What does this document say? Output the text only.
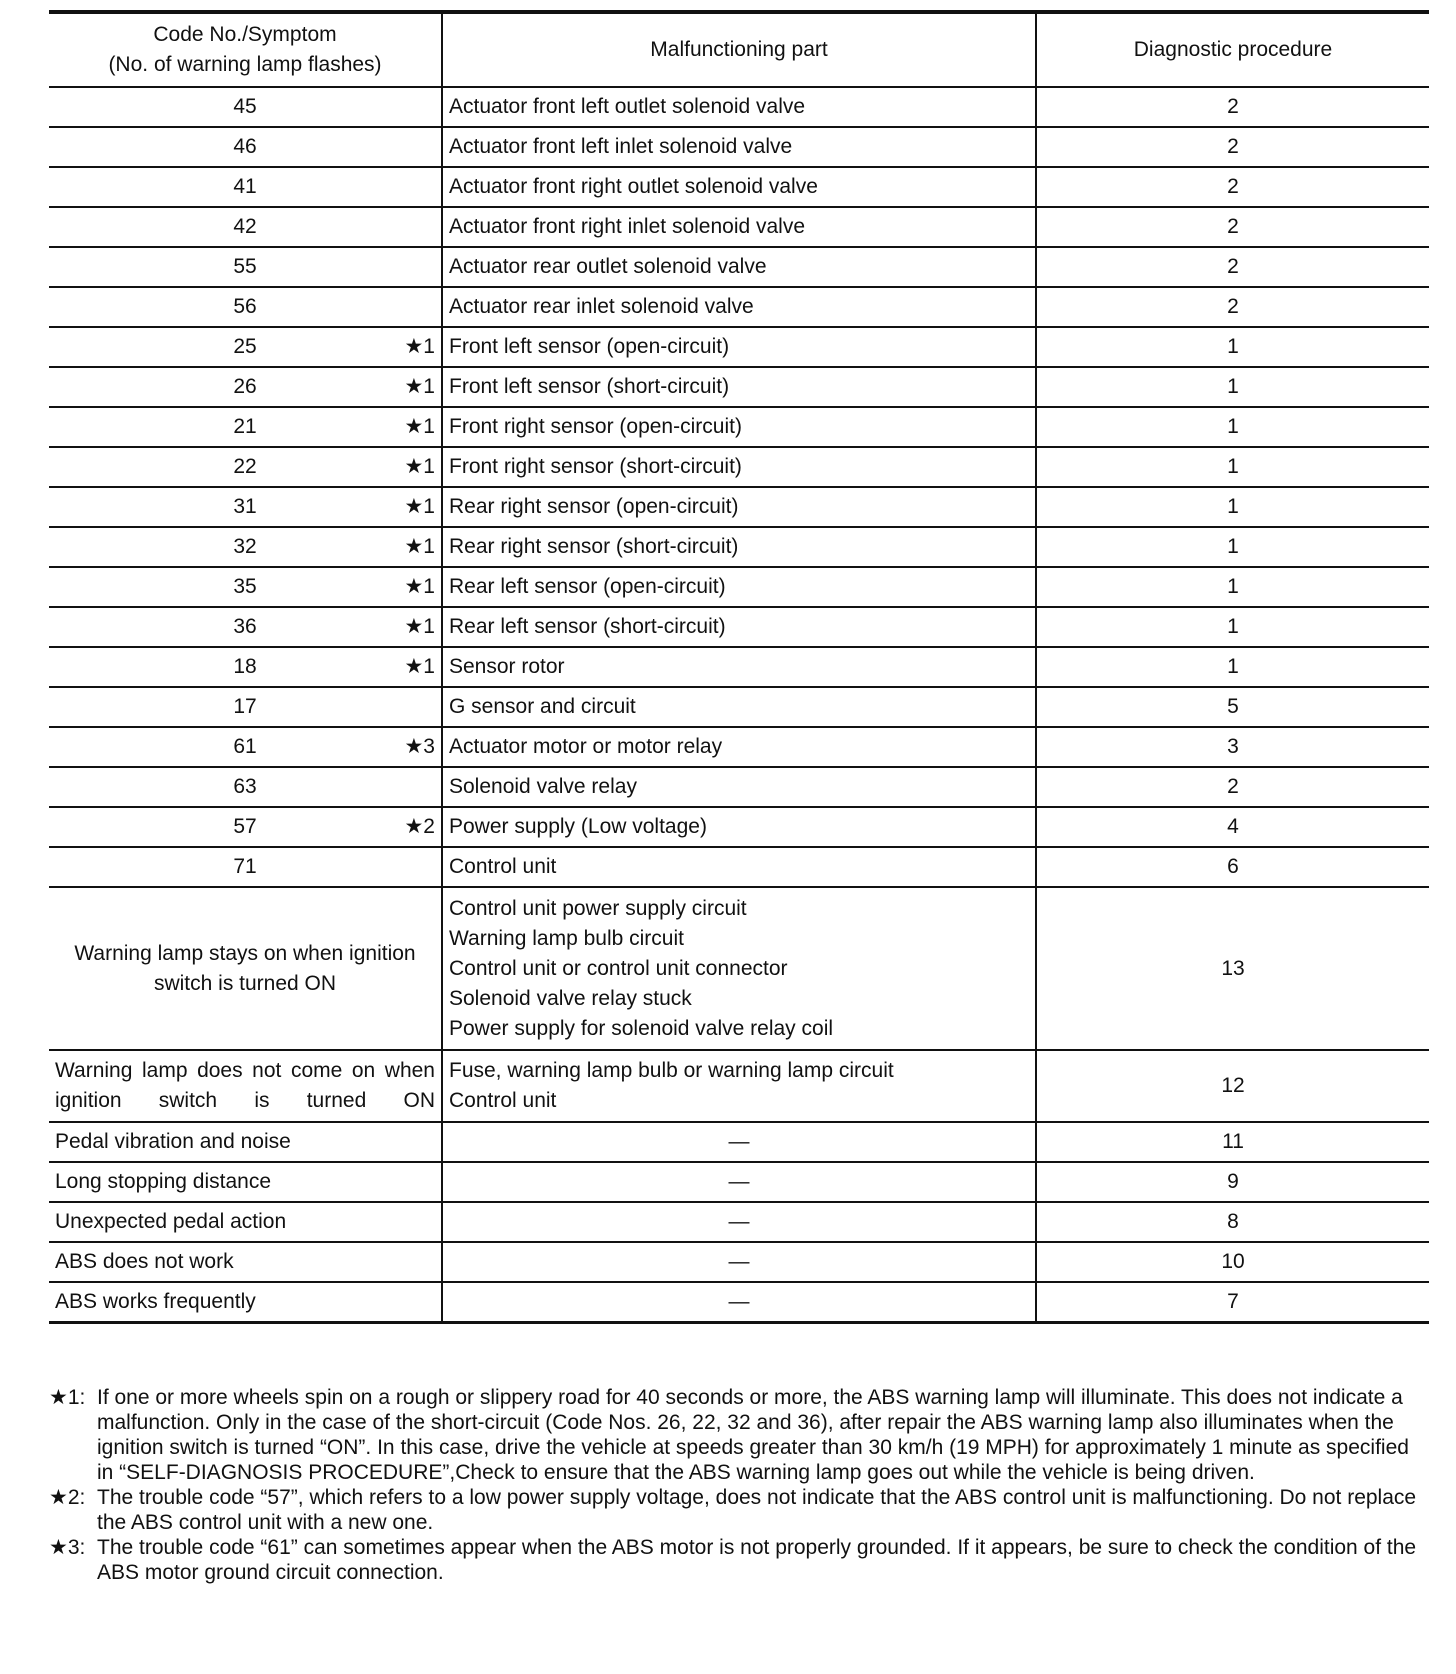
Code No./Symptom
(No. of warning lamp flashes)	Malfunctioning part	Diagnostic procedure
45	Actuator front left outlet solenoid valve	2
46	Actuator front left inlet solenoid valve	2
41	Actuator front right outlet solenoid valve	2
42	Actuator front right inlet solenoid valve	2
55	Actuator rear outlet solenoid valve	2
56	Actuator rear inlet solenoid valve	2
25 ★1	Front left sensor (open-circuit)	1
26 ★1	Front left sensor (short-circuit)	1
21 ★1	Front right sensor (open-circuit)	1
22 ★1	Front right sensor (short-circuit)	1
31 ★1	Rear right sensor (open-circuit)	1
32 ★1	Rear right sensor (short-circuit)	1
35 ★1	Rear left sensor (open-circuit)	1
36 ★1	Rear left sensor (short-circuit)	1
18 ★1	Sensor rotor	1
17	G sensor and circuit	5
61 ★3	Actuator motor or motor relay	3
63	Solenoid valve relay	2
57 ★2	Power supply (Low voltage)	4
71	Control unit	6
Warning lamp stays on when ignition switch is turned ON	Control unit power supply circuit
Warning lamp bulb circuit
Control unit or control unit connector
Solenoid valve relay stuck
Power supply for solenoid valve relay coil	13
Warning lamp does not come on when ignition switch is turned ON	Fuse, warning lamp bulb or warning lamp circuit
Control unit	12
Pedal vibration and noise	—	11
Long stopping distance	—	9
Unexpected pedal action	—	8
ABS does not work	—	10
ABS works frequently	—	7
★1: If one or more wheels spin on a rough or slippery road for 40 seconds or more, the ABS warning lamp will illuminate. This does not indicate a malfunction. Only in the case of the short-circuit (Code Nos. 26, 22, 32 and 36), after repair the ABS warning lamp also illuminates when the ignition switch is turned “ON”. In this case, drive the vehicle at speeds greater than 30 km/h (19 MPH) for approximately 1 minute as specified in “SELF-DIAGNOSIS PROCEDURE”,Check to ensure that the ABS warning lamp goes out while the vehicle is being driven.
★2: The trouble code “57”, which refers to a low power supply voltage, does not indicate that the ABS control unit is malfunctioning. Do not replace the ABS control unit with a new one.
★3: The trouble code “61” can sometimes appear when the ABS motor is not properly grounded. If it appears, be sure to check the condition of the ABS motor ground circuit connection.
